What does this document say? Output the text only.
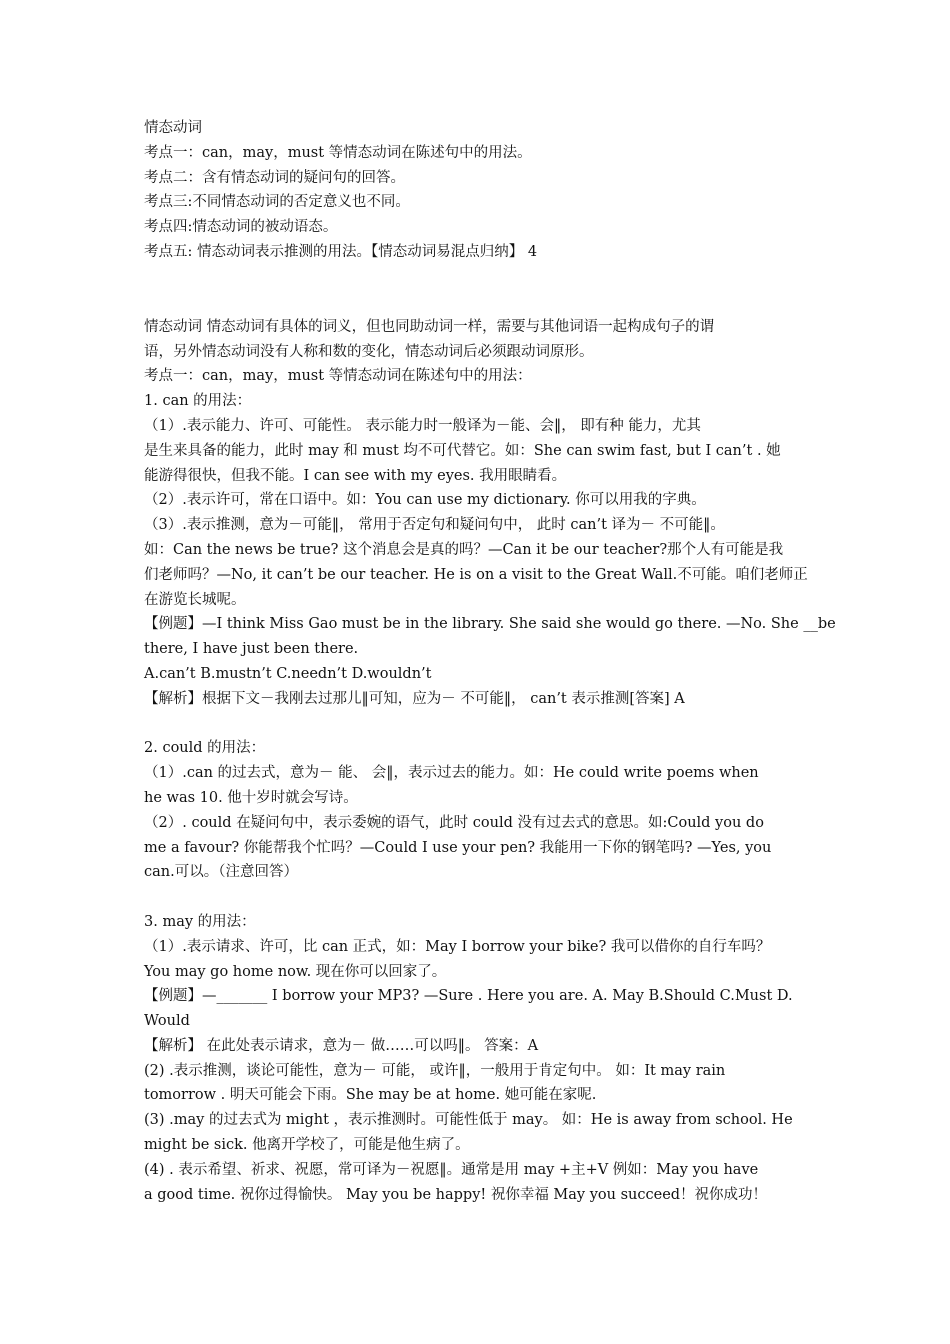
情态动词
考点一：can，may，must 等情态动词在陈述句中的用法。
考点二：含有情态动词的疑问句的回答。
考点三:不同情态动词的否定意义也不同。
考点四:情态动词的被动语态。
考点五: 情态动词表示推测的用法。【情态动词易混点归纳】 4
情态动词 情态动词有具体的词义，但也同助动词一样，需要与其他词语一起构成句子的谓
语，另外情态动词没有人称和数的变化，情态动词后必须跟动词原形。
考点一：can，may，must 等情态动词在陈述句中的用法：
1. can 的用法：
（1）.表示能力、许可、可能性。 表示能力时一般译为－能、会‖， 即有种 能力，尤其
是生来具备的能力，此时 may 和 must 均不可代替它。如：She can swim fast, but I can’t . 她
能游得很快，但我不能。I can see with my eyes. 我用眼睛看。
（2）.表示许可，常在口语中。如：You can use my dictionary. 你可以用我的字典。
（3）.表示推测，意为－可能‖， 常用于否定句和疑问句中， 此时 can’t 译为－ 不可能‖。
如：Can the news be true? 这个消息会是真的吗？—Can it be our teacher?那个人有可能是我
们老师吗？—No, it can’t be our teacher. He is on a visit to the Great Wall.不可能。咱们老师正
在游览长城呢。
【例题】—I think Miss Gao must be in the library. She said she would go there. —No. She __be
there, I have just been there.
A.can’t B.mustn’t C.needn’t D.wouldn’t
【解析】根据下文－我刚去过那儿‖可知，应为－ 不可能‖， can’t 表示推测[答案] A
2. could 的用法：
（1）.can 的过去式，意为－ 能、 会‖，表示过去的能力。如：He could write poems when
he was 10. 他十岁时就会写诗。
（2）. could 在疑问句中，表示委婉的语气，此时 could 没有过去式的意思。如:Could you do
me a favour? 你能帮我个忙吗？—Could I use your pen? 我能用一下你的钢笔吗? —Yes, you
can.可以。（注意回答）
3. may 的用法：
（1）.表示请求、许可，比 can 正式，如：May I borrow your bike? 我可以借你的自行车吗？
You may go home now. 现在你可以回家了。
【例题】—_______ I borrow your MP3? —Sure . Here you are. A. May B.Should C.Must D.
Would
【解析】 在此处表示请求，意为－ 做……可以吗‖。 答案：A
(2) .表示推测，谈论可能性，意为－ 可能， 或许‖，一般用于肯定句中。 如：It may rain
tomorrow . 明天可能会下雨。She may be at home. 她可能在家呢.
(3) .may 的过去式为 might ，表示推测时。可能性低于 may。 如：He is away from school. He
might be sick. 他离开学校了，可能是他生病了。
(4) . 表示希望、祈求、祝愿，常可译为－祝愿‖。通常是用 may +主+V 例如：May you have
a good time. 祝你过得愉快。 May you be happy! 祝你幸福 May you succeed！祝你成功！
